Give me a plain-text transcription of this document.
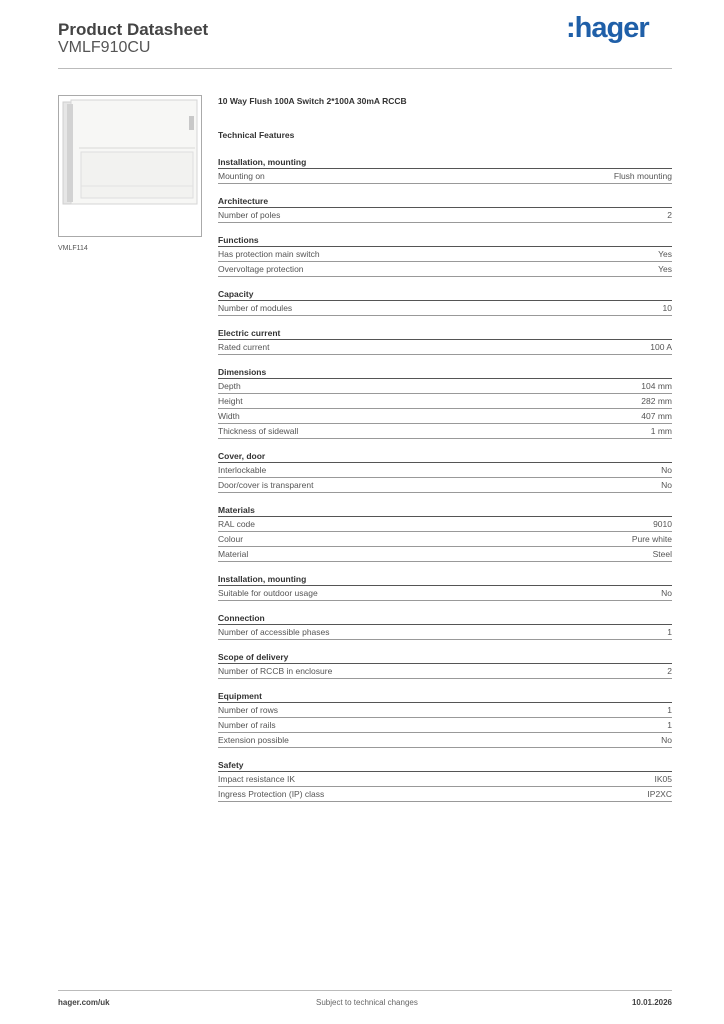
Product Datasheet
VMLF910CU
:hager
VMLF114
10 Way Flush 100A Switch 2*100A 30mA RCCB
Technical Features
Installation, mounting
Mounting on	Flush mounting
Architecture
Number of poles	2
Functions
Has protection main switch	Yes
Overvoltage protection	Yes
Capacity
Number of modules	10
Electric current
Rated current	100 A
Dimensions
Depth	104 mm
Height	282 mm
Width	407 mm
Thickness of sidewall	1 mm
Cover, door
Interlockable	No
Door/cover is transparent	No
Materials
RAL code	9010
Colour	Pure white
Material	Steel
Installation, mounting
Suitable for outdoor usage	No
Connection
Number of accessible phases	1
Scope of delivery
Number of RCCB in enclosure	2
Equipment
Number of rows	1
Number of rails	1
Extension possible	No
Safety
Impact resistance IK	IK05
Ingress Protection (IP) class	IP2XC
hager.com/uk	Subject to technical changes	10.01.2026
